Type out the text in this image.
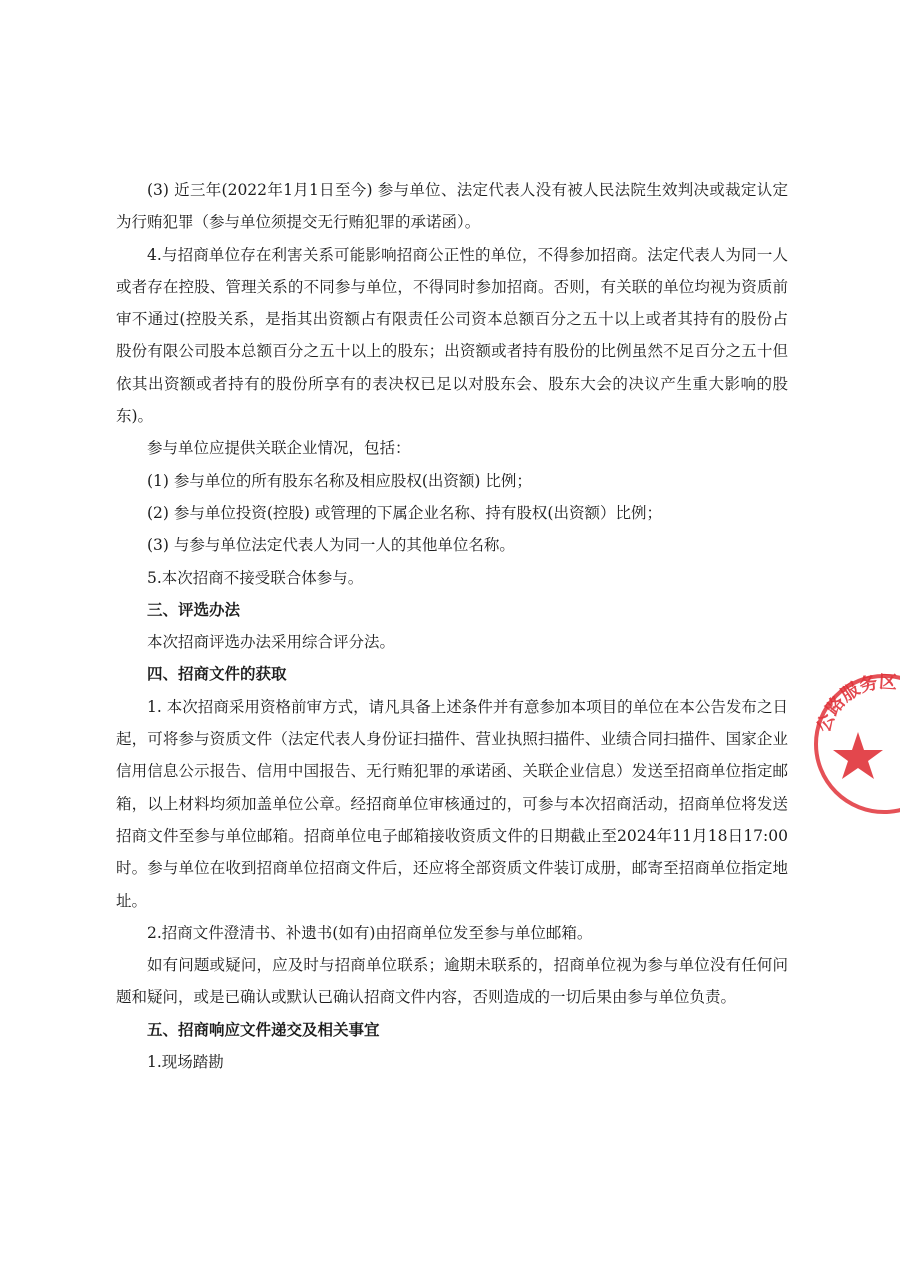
(3) 近三年(2022年1月1日至今) 参与单位、法定代表人没有被人民法院生效判决或裁定认定为行贿犯罪（参与单位须提交无行贿犯罪的承诺函）。

4.与招商单位存在利害关系可能影响招商公正性的单位，不得参加招商。法定代表人为同一人或者存在控股、管理关系的不同参与单位，不得同时参加招商。否则，有关联的单位均视为资质前审不通过(控股关系，是指其出资额占有限责任公司资本总额百分之五十以上或者其持有的股份占股份有限公司股本总额百分之五十以上的股东；出资额或者持有股份的比例虽然不足百分之五十但依其出资额或者持有的股份所享有的表决权已足以对股东会、股东大会的决议产生重大影响的股东)。

参与单位应提供关联企业情况，包括：

(1) 参与单位的所有股东名称及相应股权(出资额) 比例；

(2) 参与单位投资(控股) 或管理的下属企业名称、持有股权(出资额）比例；

(3) 与参与单位法定代表人为同一人的其他单位名称。

5.本次招商不接受联合体参与。

三、评选办法

本次招商评选办法采用综合评分法。

四、招商文件的获取

1. 本次招商采用资格前审方式，请凡具备上述条件并有意参加本项目的单位在本公告发布之日起，可将参与资质文件（法定代表人身份证扫描件、营业执照扫描件、业绩合同扫描件、国家企业信用信息公示报告、信用中国报告、无行贿犯罪的承诺函、关联企业信息）发送至招商单位指定邮箱，以上材料均须加盖单位公章。经招商单位审核通过的，可参与本次招商活动，招商单位将发送招商文件至参与单位邮箱。招商单位电子邮箱接收资质文件的日期截止至2024年11月18日17:00时。参与单位在收到招商单位招商文件后，还应将全部资质文件装订成册，邮寄至招商单位指定地址。

2.招商文件澄清书、补遗书(如有)由招商单位发至参与单位邮箱。

如有问题或疑问，应及时与招商单位联系；逾期未联系的，招商单位视为参与单位没有任何问题和疑问，或是已确认或默认已确认招商文件内容，否则造成的一切后果由参与单位负责。

五、招商响应文件递交及相关事宜

1.现场踏勘

公路服务区
